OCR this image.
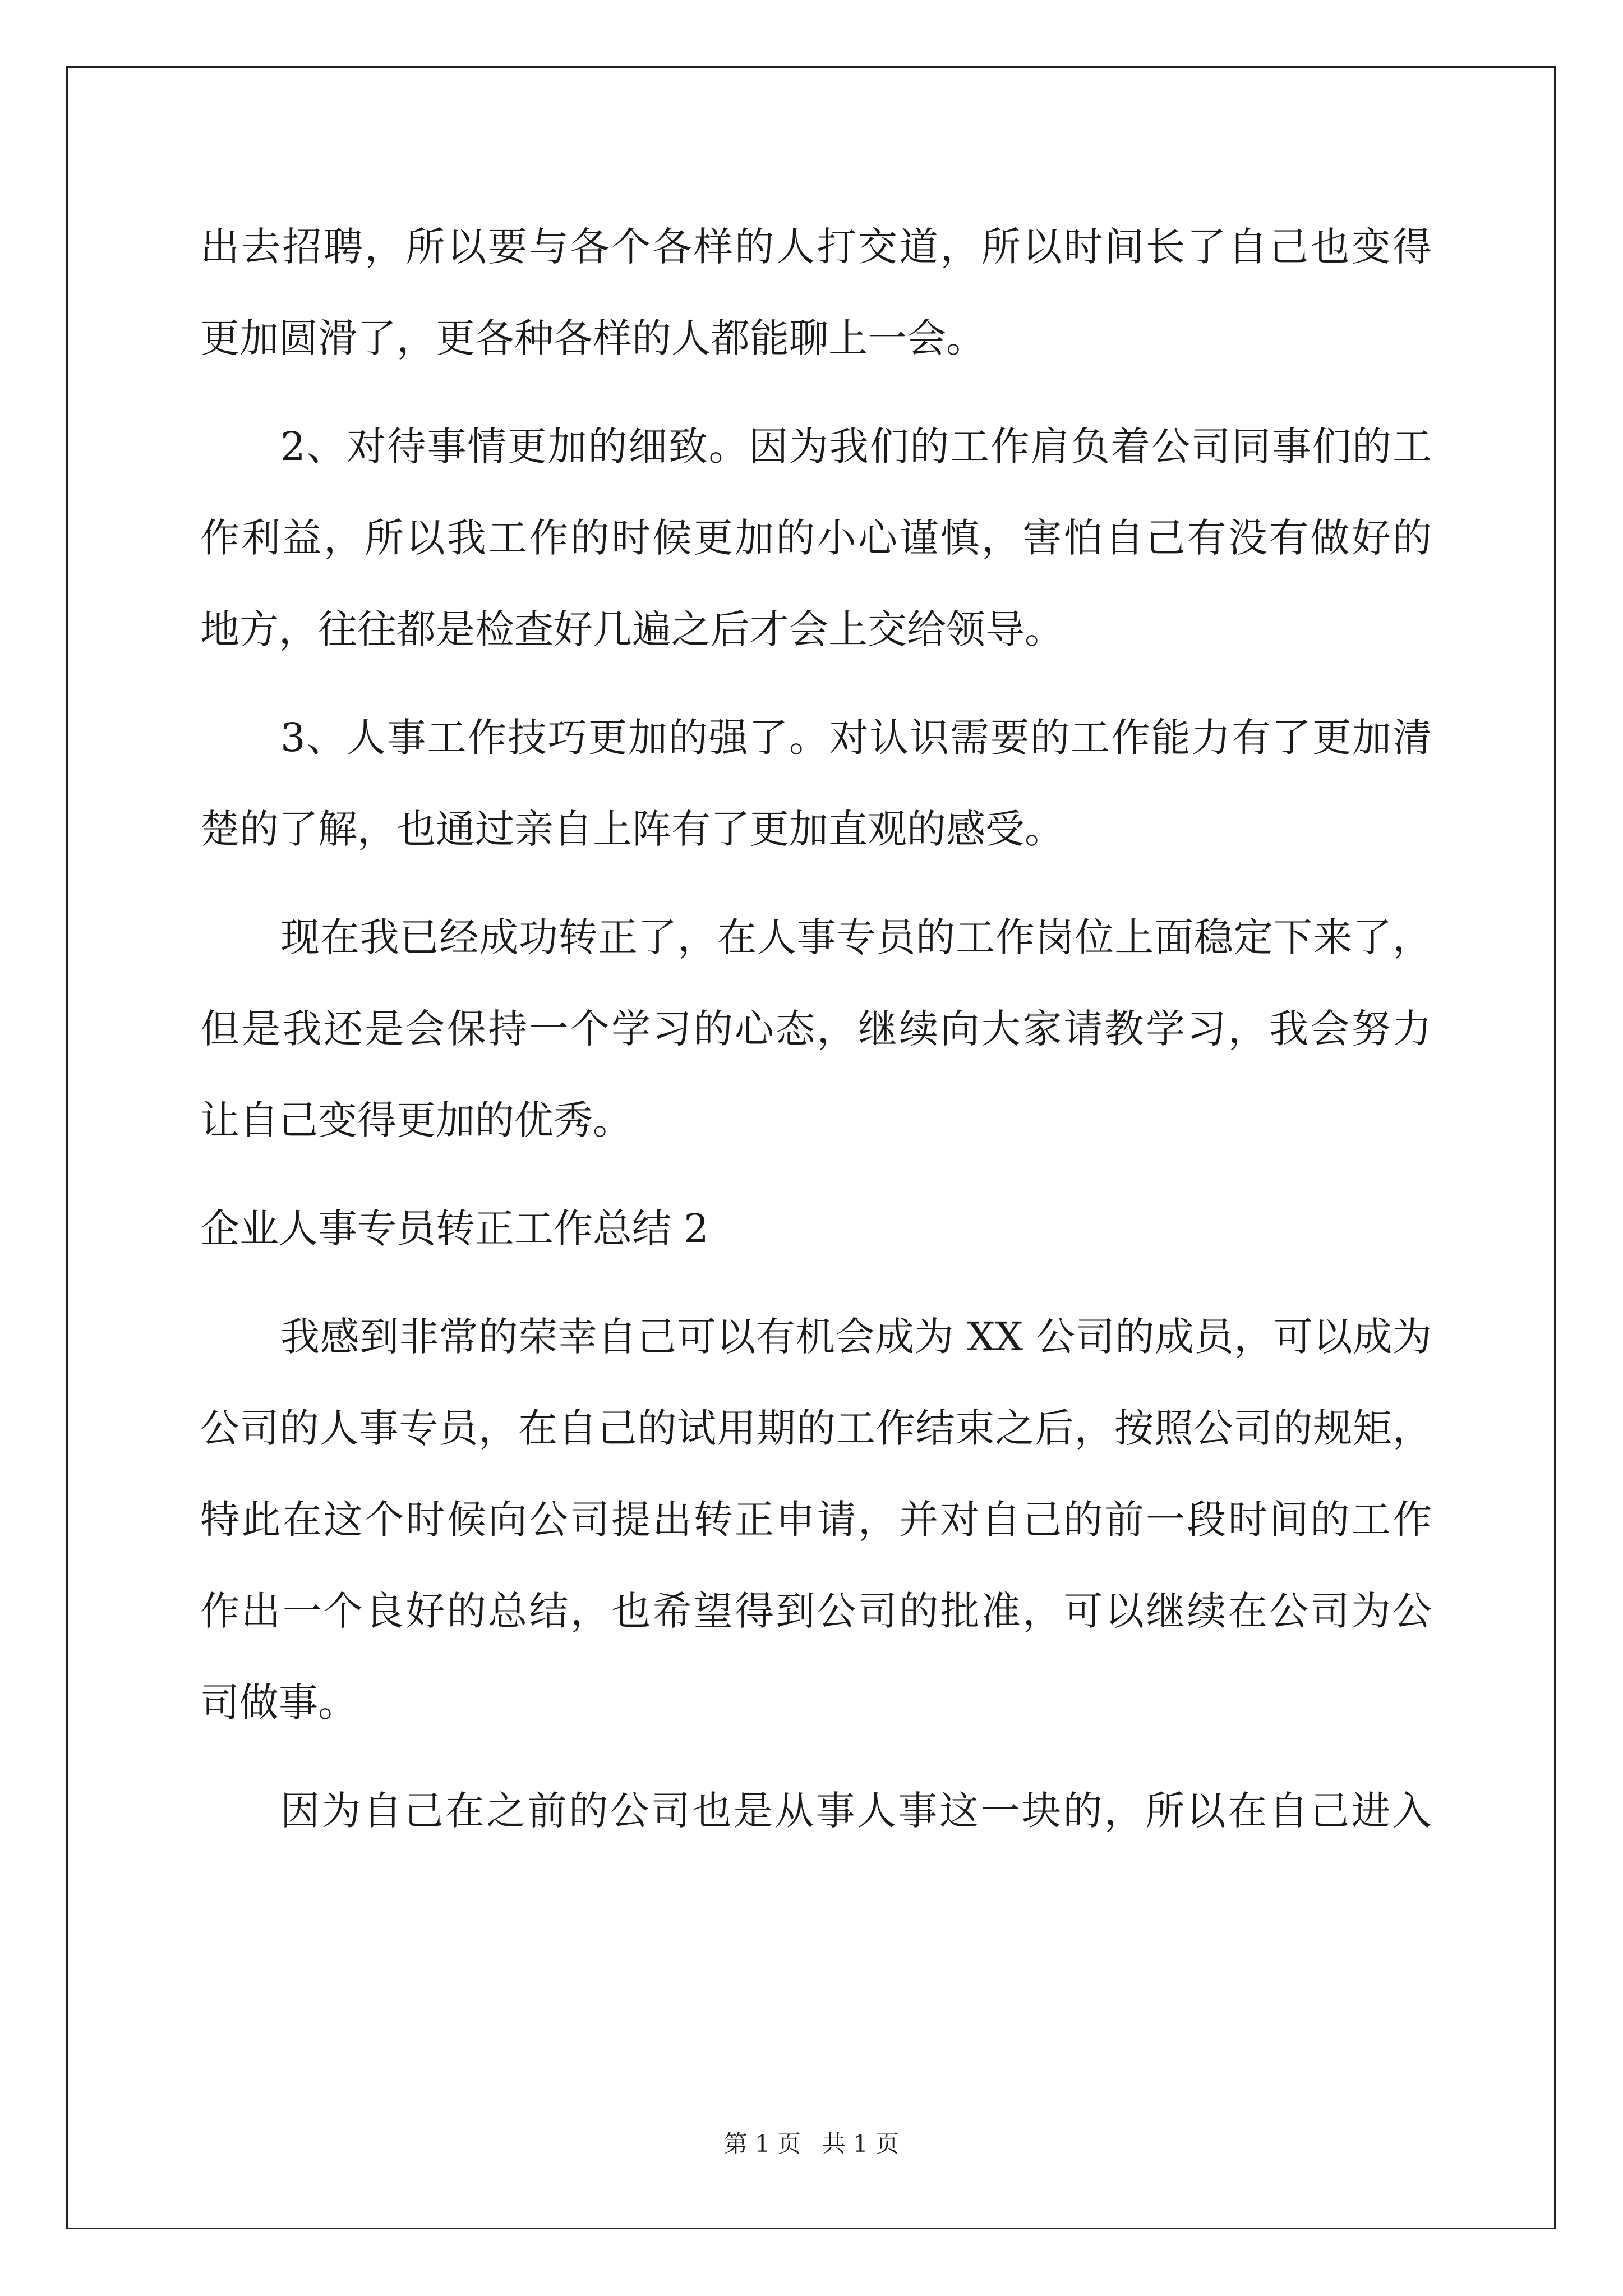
出去招聘，所以要与各个各样的人打交道，所以时间长了自己也变得
更加圆滑了，更各种各样的人都能聊上一会。
2、对待事情更加的细致。因为我们的工作肩负着公司同事们的工
作利益，所以我工作的时候更加的小心谨慎，害怕自己有没有做好的
地方，往往都是检查好几遍之后才会上交给领导。
3、人事工作技巧更加的强了。对认识需要的工作能力有了更加清
楚的了解，也通过亲自上阵有了更加直观的感受。
现在我已经成功转正了，在人事专员的工作岗位上面稳定下来了，
但是我还是会保持一个学习的心态，继续向大家请教学习，我会努力
让自己变得更加的优秀。
企业人事专员转正工作总结 2
我感到非常的荣幸自己可以有机会成为 XX 公司的成员，可以成为
公司的人事专员，在自己的试用期的工作结束之后，按照公司的规矩，
特此在这个时候向公司提出转正申请，并对自己的前一段时间的工作
作出一个良好的总结，也希望得到公司的批准，可以继续在公司为公
司做事。
因为自己在之前的公司也是从事人事这一块的，所以在自己进入
第 1 页 共 1 页
